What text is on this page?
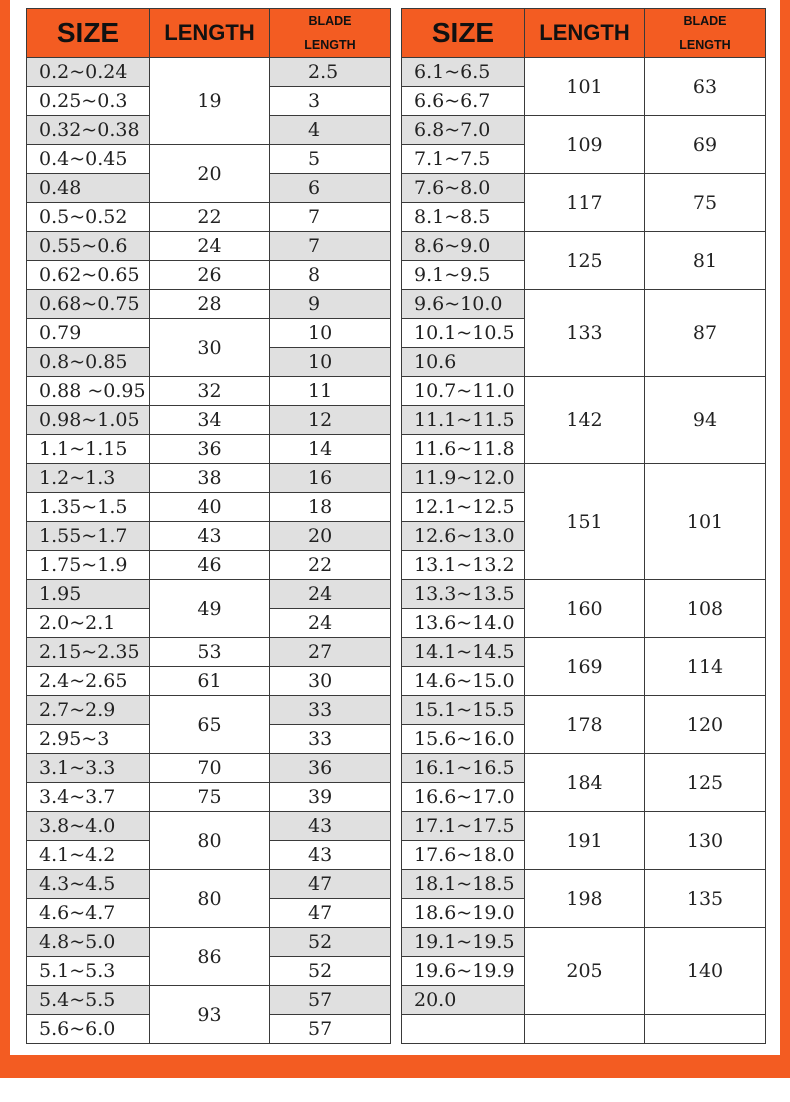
SIZE	LENGTH	BLADE
LENGTH

0.2~0.24	19	2.5
0.25~0.3		3
0.32~0.38		4
0.4~0.45	20	5
0.48		6
0.5~0.52	22	7
0.55~0.6	24	7
0.62~0.65	26	8
0.68~0.75	28	9
0.79	30	10
0.8~0.85		10
0.88 ~0.95	32	11
0.98~1.05	34	12
1.1~1.15	36	14
1.2~1.3	38	16
1.35~1.5	40	18
1.55~1.7	43	20
1.75~1.9	46	22
1.95	49	24
2.0~2.1		24
2.15~2.35	53	27
2.4~2.65	61	30
2.7~2.9	65	33
2.95~3		33
3.1~3.3	70	36
3.4~3.7	75	39
3.8~4.0	80	43
4.1~4.2		43
4.3~4.5	80	47
4.6~4.7		47
4.8~5.0	86	52
5.1~5.3		52
5.4~5.5	93	57
5.6~6.0		57
SIZE	LENGTH	BLADE
LENGTH

6.1~6.5	101	63
6.6~6.7		
6.8~7.0	109	69
7.1~7.5		
7.6~8.0	117	75
8.1~8.5		
8.6~9.0	125	81
9.1~9.5		
9.6~10.0	133	87
10.1~10.5		
10.6		
10.7~11.0	142	94
11.1~11.5		
11.6~11.8		
11.9~12.0	151	101
12.1~12.5		
12.6~13.0		
13.1~13.2		
13.3~13.5	160	108
13.6~14.0		
14.1~14.5	169	114
14.6~15.0		
15.1~15.5	178	120
15.6~16.0		
16.1~16.5	184	125
16.6~17.0		
17.1~17.5	191	130
17.6~18.0		
18.1~18.5	198	135
18.6~19.0		
19.1~19.5	205	140
19.6~19.9		
20.0		
